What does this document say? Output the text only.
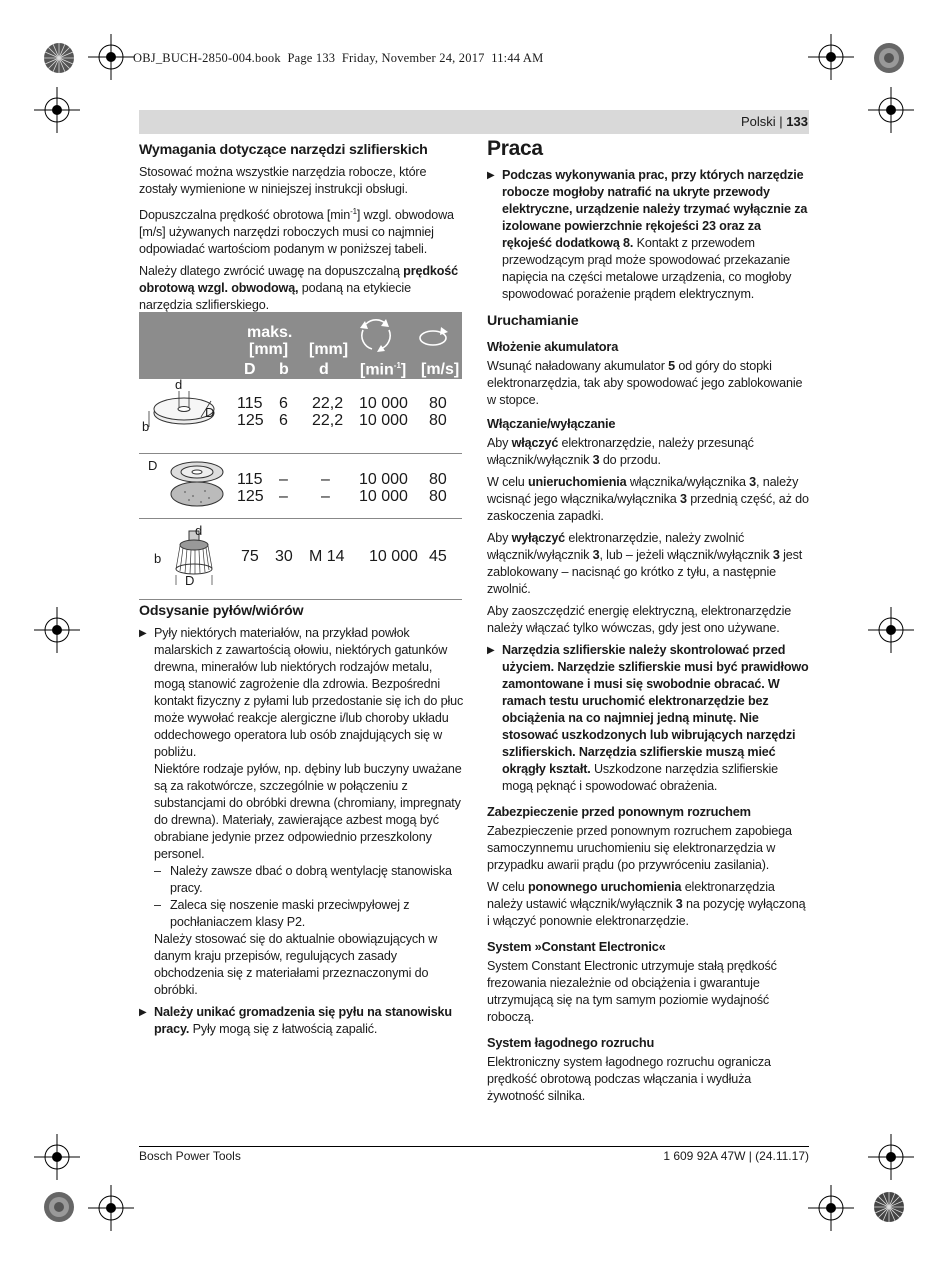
OBJ_BUCH-2850-004.book  Page 133  Friday, November 24, 2017  11:44 AM
Polski | 133
Wymagania dotyczące narzędzi szlifierskich

Stosować można wszystkie narzędzia robocze, które zostały wymienione w niniejszej instrukcji obsługi.

Dopuszczalna prędkość obrotowa $[\min^{-1}]$ wzgl. obwodowa [m/s] używanych narzędzi roboczych musi co najmniej odpowiadać wartościom podanym w poniższej tabeli.

Należy dlatego zwrócić uwagę na dopuszczalną prędkość obrotową wzgl. obwodową, podaną na etykiecie narzędzia szlifierskiego.

maks.
[mm] [mm]
D b d $[\min^{-1}]$ [m/s]
d
D
b
115 6 22,2 10 000 80
125 6 22,2 10 000 80
D
115 – – 10 000 80
125 – – 10 000 80
d
b
D
75 30 M 14 10 000 45
Odsysanie pyłów/wiórów
▶ Pyły niektórych materiałów, na przykład powłok malarskich z zawartością ołowiu, niektórych gatunków drewna, minerałów lub niektórych rodzajów metalu, mogą stanowić zagrożenie dla zdrowia. Bezpośredni kontakt fizyczny z pyłami lub przedostanie się ich do płuc może wywołać reakcje alergiczne i/lub choroby układu oddechowego operatora lub osób znajdujących się w pobliżu.
Niektóre rodzaje pyłów, np. dębiny lub buczyny uważane są za rakotwórcze, szczególnie w połączeniu z substancjami do obróbki drewna (chromiany, impregnaty do drewna). Materiały, zawierające azbest mogą być obrabiane jedynie przez odpowiednio przeszkolony personel.
– Należy zawsze dbać o dobrą wentylację stanowiska pracy.
– Zaleca się noszenie maski przeciwpyłowej z pochłaniaczem klasy P2.
Należy stosować się do aktualnie obowiązujących w danym kraju przepisów, regulujących zasady obchodzenia się z materiałami przeznaczonymi do obróbki.
▶ Należy unikać gromadzenia się pyłu na stanowisku pracy. Pyły mogą się z łatwością zapalić.
Praca
▶ Podczas wykonywania prac, przy których narzędzie robocze mogłoby natrafić na ukryte przewody elektryczne, urządzenie należy trzymać wyłącznie za izolowane powierzchnie rękojeści 23 oraz za rękojeść dodatkową 8. Kontakt z przewodem przewodzącym prąd może spowodować przekazanie napięcia na części metalowe urządzenia, co mogłoby spowodować porażenie prądem elektrycznym.
Uruchamianie
Włożenie akumulatora

Wsunąć naładowany akumulator 5 od góry do stopki elektronarzędzia, tak aby spowodować jego zablokowanie w stopce.

Włączanie/wyłączanie

Aby włączyć elektronarzędzie, należy przesunąć włącznik/wyłącznik 3 do przodu.

W celu unieruchomienia włącznika/wyłącznika 3, należy wcisnąć jego włącznika/wyłącznika 3 przednią część, aż do zaskoczenia zapadki.

Aby wyłączyć elektronarzędzie, należy zwolnić włącznik/wyłącznik 3, lub – jeżeli włącznik/wyłącznik 3 jest zablokowany – nacisnąć go krótko z tyłu, a następnie zwolnić.

Aby zaoszczędzić energię elektryczną, elektronarzędzie należy włączać tylko wówczas, gdy jest ono używane.

▶ Narzędzia szlifierskie należy skontrolować przed użyciem. Narzędzie szlifierskie musi być prawidłowo zamontowane i musi się swobodnie obracać. W ramach testu uruchomić elektronarzędzie bez obciążenia na co najmniej jedną minutę. Nie stosować uszkodzonych lub wibrujących narzędzi szlifierskich. Narzędzia szlifierskie muszą mieć okrągły kształt. Uszkodzone narzędzia szlifierskie mogą pęknąć i spowodować obrażenia.
Zabezpieczenie przed ponownym rozruchem

Zabezpieczenie przed ponownym rozruchem zapobiega samoczynnemu uruchomieniu się elektronarzędzia w przypadku awarii prądu (po przywróceniu zasilania).

W celu ponownego uruchomienia elektronarzędzia należy ustawić włącznik/wyłącznik 3 na pozycję wyłączoną i włączyć ponownie elektronarzędzie.

System »Constant Electronic«

System Constant Electronic utrzymuje stałą prędkość frezowania niezależnie od obciążenia i gwarantuje utrzymującą się na tym samym poziomie wydajność roboczą.

System łagodnego rozruchu

Elektroniczny system łagodnego rozruchu ogranicza prędkość obrotową podczas włączania i wydłuża żywotność silnika.

Bosch Power Tools	1 609 92A 47W | (24.11.17)
